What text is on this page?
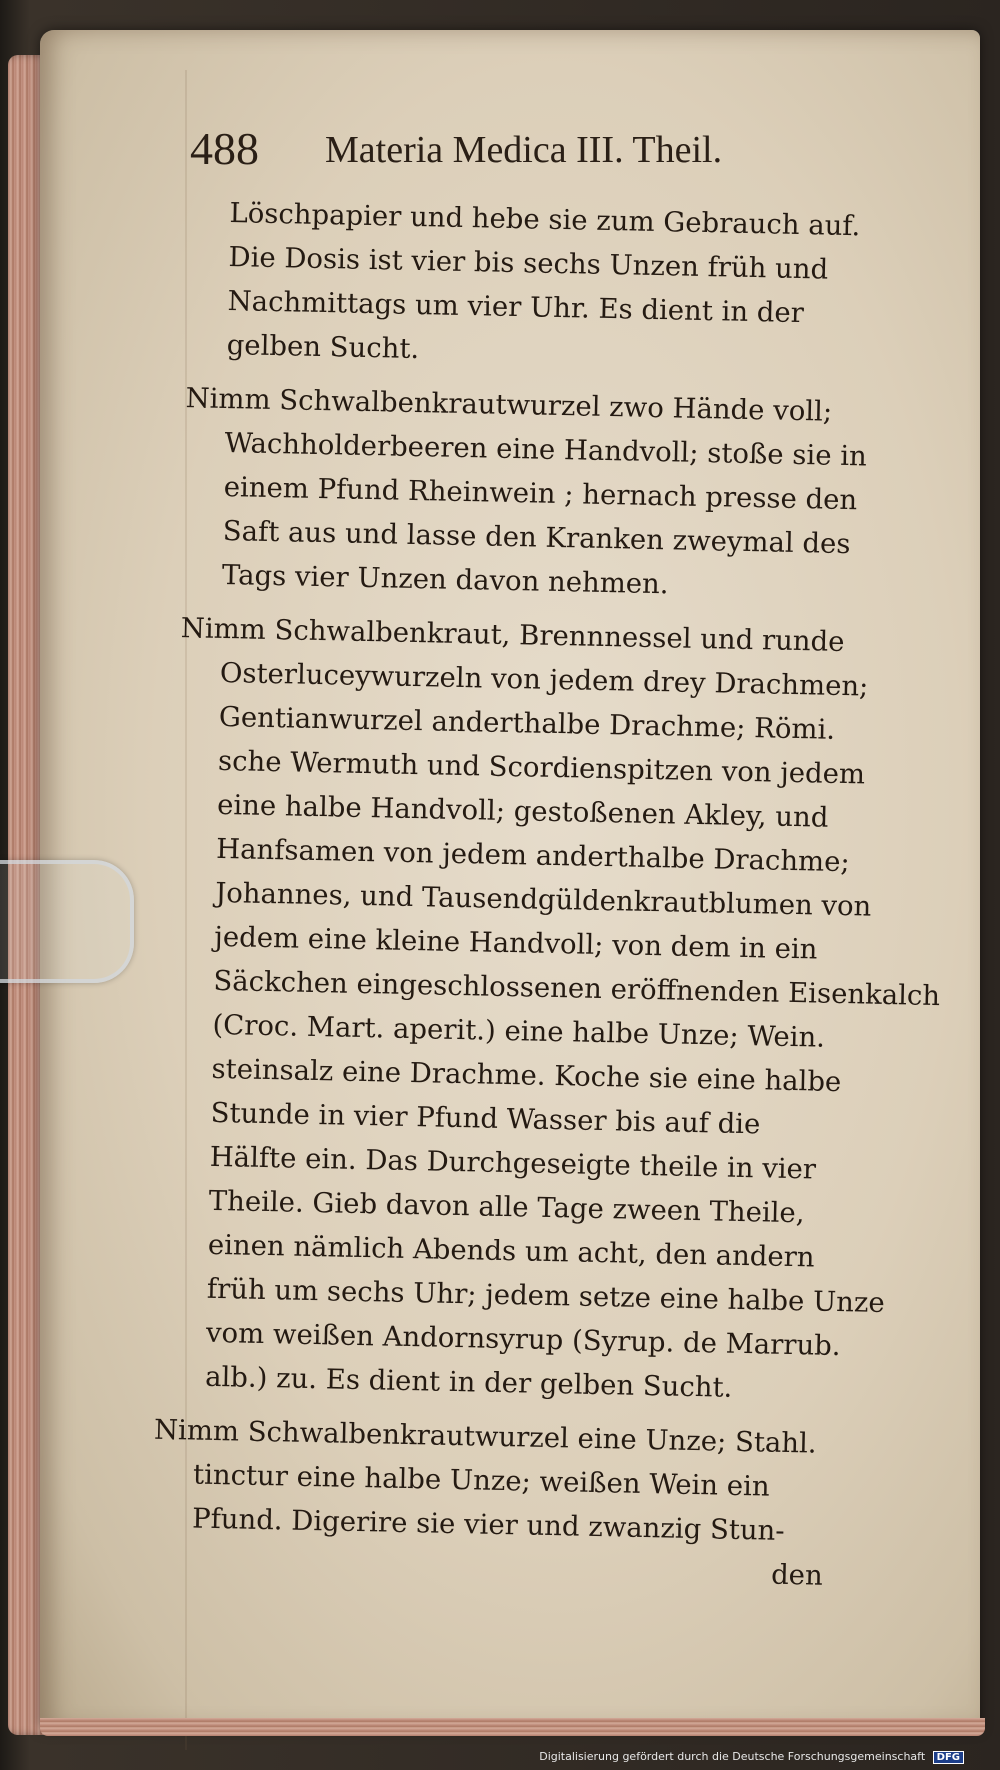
488 Materia Medica III. Theil.
Löschpapier und hebe sie zum Gebrauch auf.
Die Dosis ist vier bis sechs Unzen früh und
Nachmittags um vier Uhr. Es dient in der
gelben Sucht.
Nimm Schwalbenkrautwurzel zwo Hände voll;
Wachholderbeeren eine Handvoll; stoße sie in
einem Pfund Rheinwein ; hernach presse den
Saft aus und lasse den Kranken zweymal des
Tags vier Unzen davon nehmen.
Nimm Schwalbenkraut, Brennnessel und runde
Osterluceywurzeln von jedem drey Drachmen;
Gentianwurzel anderthalbe Drachme; Römi.
sche Wermuth und Scordienspitzen von jedem
eine halbe Handvoll; gestoßenen Akley, und
Hanfsamen von jedem anderthalbe Drachme;
Johannes, und Tausendgüldenkrautblumen von
jedem eine kleine Handvoll; von dem in ein
Säckchen eingeschlossenen eröffnenden Eisenkalch
(Croc. Mart. aperit.) eine halbe Unze; Wein.
steinsalz eine Drachme. Koche sie eine halbe
Stunde in vier Pfund Wasser bis auf die
Hälfte ein. Das Durchgeseigte theile in vier
Theile. Gieb davon alle Tage zween Theile,
einen nämlich Abends um acht, den andern
früh um sechs Uhr; jedem setze eine halbe Unze
vom weißen Andornsyrup (Syrup. de Marrub.
alb.) zu. Es dient in der gelben Sucht.
Nimm Schwalbenkrautwurzel eine Unze; Stahl.
tinctur eine halbe Unze; weißen Wein ein
Pfund. Digerire sie vier und zwanzig Stun-
den
Digitalisierung gefördert durch die Deutsche Forschungsgemeinschaft DFG
